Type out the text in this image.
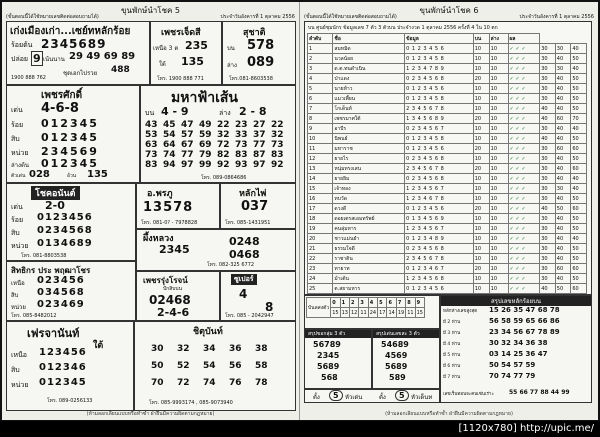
ขุนพักษ์นำโชค 5
(ขั้นตอนนี้ได้ใช้หมายเลขติดต่อสอบถามได้)	ประจำวันอังคารที่ 1 ตุลาคม 2556
เก่งเมืองเก่า...เซย์ทหลักร้อย
ร้อยต้น 2345689
ปล่อย 9 เน้นนาน 29 49 69 89
ชุดเอกไปรวย 488
1900 888 762
เพชรเจ็ดสี
เหนือ 3 ต 235
ใต้ 135
โทร. 1900 888 771
สุชาติ
บน 578
ล่าง 089
โทร.081-8603538
เพชรศักดิ์
เด่น 4-6-8
ร้อย 012345
สิบ 012345
หน่วย 234569
ล่างต้น 012345
ตัวเด่น 028	อ้วน 135
มหาฟ้าเส้น
บน 4 - 9	ล่าง 2 - 8
43 45 47 49 22 23 27 22
53 54 57 59 32 33 37 32
63 64 67 69 72 73 77 73
73 74 77 79 82 83 87 83
83 94 97 99 92 93 97 92
โทร. 089-0864686
โชคอนันต์
เด่น 2-0
ร้อย 0123456
สิบ 0234568
หน่วย 0134689
โทร. 081-8803538
อ.พรภู
13578
โทร. 081-0? - 7978828
หลักไพ่
037
โทร. 085-1431951
ผึ้งหลวง
2345
0248
0468
โทร. 082-325 6772
สิทธิกร ประ พฤฒาโชร
เหนือ 023456
สิบ 034568
หน่วย 023469
โทร. 085-8482012
เพชรรุ่งโรจน์
ปักสิบบน
02468
2-4-6
ซูเปอร์
4
8
โทร. 085 - 2042947
เฟรจานันท์
ใต้
เหนือ 123456
สิบ 012346
หน่วย 012345
โทร. 089-0256133
ชิตุบันท์
30 32 34 36 38
50 52 54 56 58
70 72 74 76 78
โทร. 085-9993174 , 085-9073940
(ห้ามลอกเลียนแบบหรือทำซ้ำ ฝ่าฝืนมีความผิดตามกฎหมาย)
ขุนพักษ์นำโชค 6
(ขั้นตอนนี้ได้ใช้หมายเลขติดต่อสอบถามได้)	ประจำวันอังคารที่ 1 ตุลาคม 2556
บน ศูนย์ชุมนักร ข้อมูลเลข 7 ตัว 3 ตัวบน ประจำงวด 1 ตุลาคม 2556 ครั้งที่ 4 ใน 10 ตก
ลำดับ	ชื่อ	ข้อมูล	บน	ล่าง	ผล			
1	สมหมิด	0 1 2 3 4 5 6	10	10	✓ ✓ ✓	30	30	40
2	นวลน้อย	0 1 2 3 4 5 8	10	10	✓ ✓ ✓	30	40	50
3	ด.ต.ทนดำเนิน	1 2 3 4 7 8 9	10	10	✓ ✓ ✓	30	30	40
4	ป่าแดง	0 2 3 4 5 6 8	20	10	✓ ✓ ✓	30	40	50
5	นายห้าว	0 1 2 3 4 5 6	10	10	✓ ✓ ✓	30	40	50
6	แมวเพี้ยน	0 1 2 3 4 5 8	10	10	✓ ✓ ✓	30	40	50
7	โกเด็นท์	2 3 4 5 6 7 8	10	10	✓ ✓ ✓	40	40	50
8	เพชรมาศใต้	1 3 4 5 6 8 9	20	10	✓ ✓ ✓	40	60	70
9	อาบีร	0 2 3 4 5 6 7	10	10	✓ ✓ ✓	30	40	40
10	นิพนธ์	0 1 2 3 4 5 8	10	10	✓ ✓ ✓	40	40	50
11	มหาราช	0 1 2 3 4 5 6	20	10	✓ ✓ ✓	30	60	60
12	ยายไร	0 2 3 4 5 6 8	10	10	✓ ✓ ✓	30	40	50
13	หนุ่มทรงเสน	2 3 4 5 6 7 8	20	10	✓ ✓ ✓	30	40	60
14	ยายยิม	0 2 3 4 5 6 8	10	10	✓ ✓ ✓	30	40	40
15	เจ้าทอง	1 2 3 4 5 6 7	10	10	✓ ✓ ✓	30	30	40
16	ทบวัด	1 2 3 4 6 7 8	10	10	✓ ✓ ✓	30	40	50
17	ดวงดี	0 1 2 3 4 5 6	20	10	✓ ✓ ✓	40	50	60
18	ดอยเตรสเอมทรัพย์	0 1 3 4 5 6 9	10	10	✓ ✓ ✓	30	40	50
19	คนลุ่มหาร	1 2 3 4 5 6 7	10	10	✓ ✓ ✓	30	40	50
20	ชาวแม่นยำ	0 1 2 3 4 8 9	10	10	✓ ✓ ✓	30	40	40
21	ธรรมใจดี	0 2 3 4 5 6 8	10	10	✓ ✓ ✓	30	40	50
22	ราชาดิน	2 3 4 5 6 7 8	10	10	✓ ✓ ✓	30	40	50
23	ทายาท	0 1 2 3 4 6 7	20	10	✓ ✓ ✓	30	60	60
24	ม้าเต้น	1 2 3 4 5 6 8	10	10	✓ ✓ ✓	30	40	50
25	ต.สยามหาร	0 1 2 3 4 5 6	10	10	✓ ✓ ✓	40	50	60

บันลสงตัว	0	1	2	3	4	5	6	7	8	9
	15	13	12	11	24	17	14	19	11	15
สรุปขอกลุ่ม 3 ตัว
56789
2345
5689
568
สรุปเด่นเลขสะ 3 ตัว
54689
4569
5689
589
สรุปเลขหลักร้อยบน
หลักห่างเลขสูงสุด 15 26 35 47 68 78
มี 2 ห่าน	56 58 59 65 66 86
มี 3 ห่าน	23 34 56 67 78 89
มี 4 ห่าน	30 32 34 36 38
มี 5 ห่าน	03 14 25 36 47
มี 6 ห่าน	50 54 57 59
มี 7 ห่าน	70 74 77 79
เลขเร็นทอนจะคนเซ่นเร่าะ	55 66 77 88 44 99
ตั้ง	5	หัวเด่น	ตั้ง	5	หัวเด็นท
(ห้ามลอกเลียนแบบหรือทำซ้ำ ฝ่าฝืนมีความผิดตามกฎหมาย)
[1120x780] http://upic.me/
